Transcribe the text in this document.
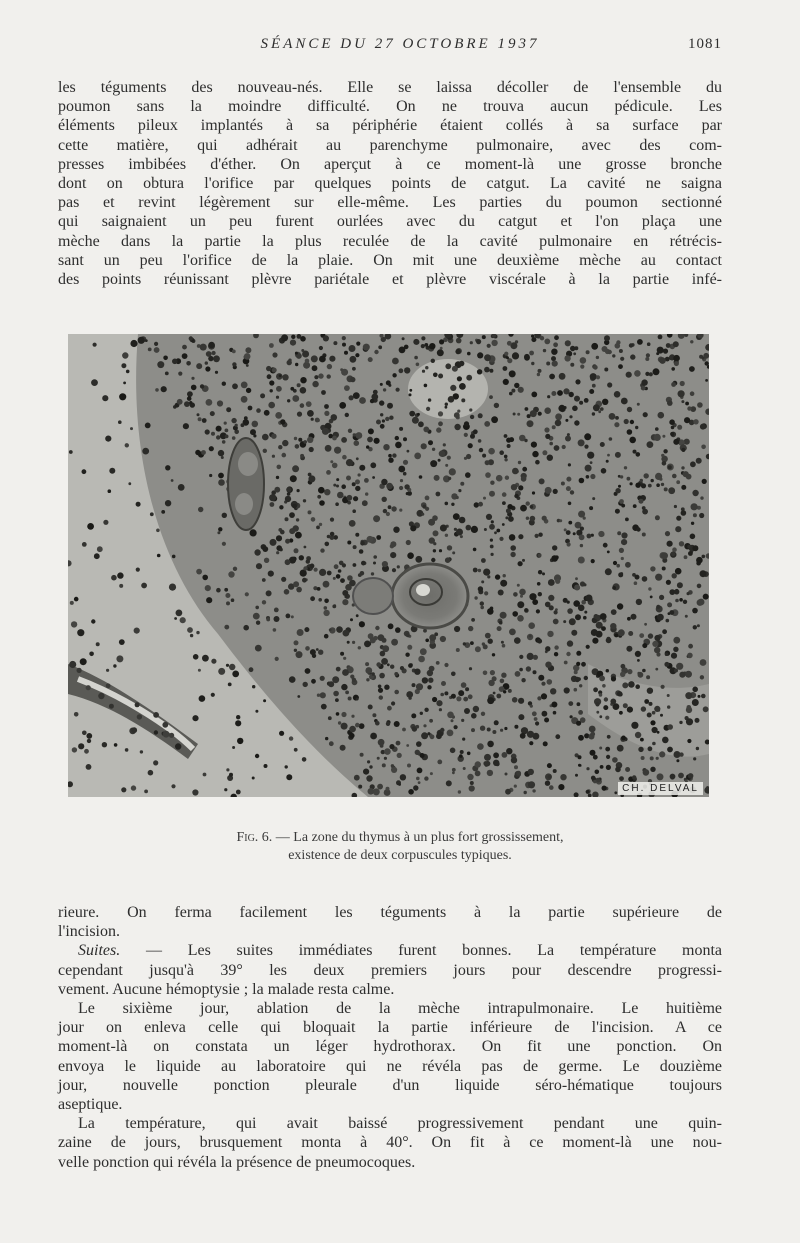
SÉANCE DU 27 OCTOBRE 1937	1081
les téguments des nouveau-nés. Elle se laissa décoller de l'ensemble du
poumon sans la moindre difficulté. On ne trouva aucun pédicule. Les
éléments pileux implantés à sa périphérie étaient collés à sa surface par
cette matière, qui adhérait au parenchyme pulmonaire, avec des com-
presses imbibées d'éther. On aperçut à ce moment-là une grosse bronche
dont on obtura l'orifice par quelques points de catgut. La cavité ne saigna
pas et revint légèrement sur elle-même. Les parties du poumon sectionné
qui saignaient un peu furent ourlées avec du catgut et l'on plaça une
mèche dans la partie la plus reculée de la cavité pulmonaire en rétrécis-
sant un peu l'orifice de la plaie. On mit une deuxième mèche au contact
des points réunissant plèvre pariétale et plèvre viscérale à la partie infé-
CH. DELVAL
Fig. 6. — La zone du thymus à un plus fort grossissement,
existence de deux corpuscules typiques.
rieure. On ferma facilement les téguments à la partie supérieure de
l'incision.
Suites. — Les suites immédiates furent bonnes. La température monta
cependant jusqu'à 39° les deux premiers jours pour descendre progressi-
vement. Aucune hémoptysie ; la malade resta calme.
Le sixième jour, ablation de la mèche intrapulmonaire. Le huitième
jour on enleva celle qui bloquait la partie inférieure de l'incision. A ce
moment-là on constata un léger hydrothorax. On fit une ponction. On
envoya le liquide au laboratoire qui ne révéla pas de germe. Le douzième
jour, nouvelle ponction pleurale d'un liquide séro-hématique toujours
aseptique.
La température, qui avait baissé progressivement pendant une quin-
zaine de jours, brusquement monta à 40°. On fit à ce moment-là une nou-
velle ponction qui révéla la présence de pneumocoques.
